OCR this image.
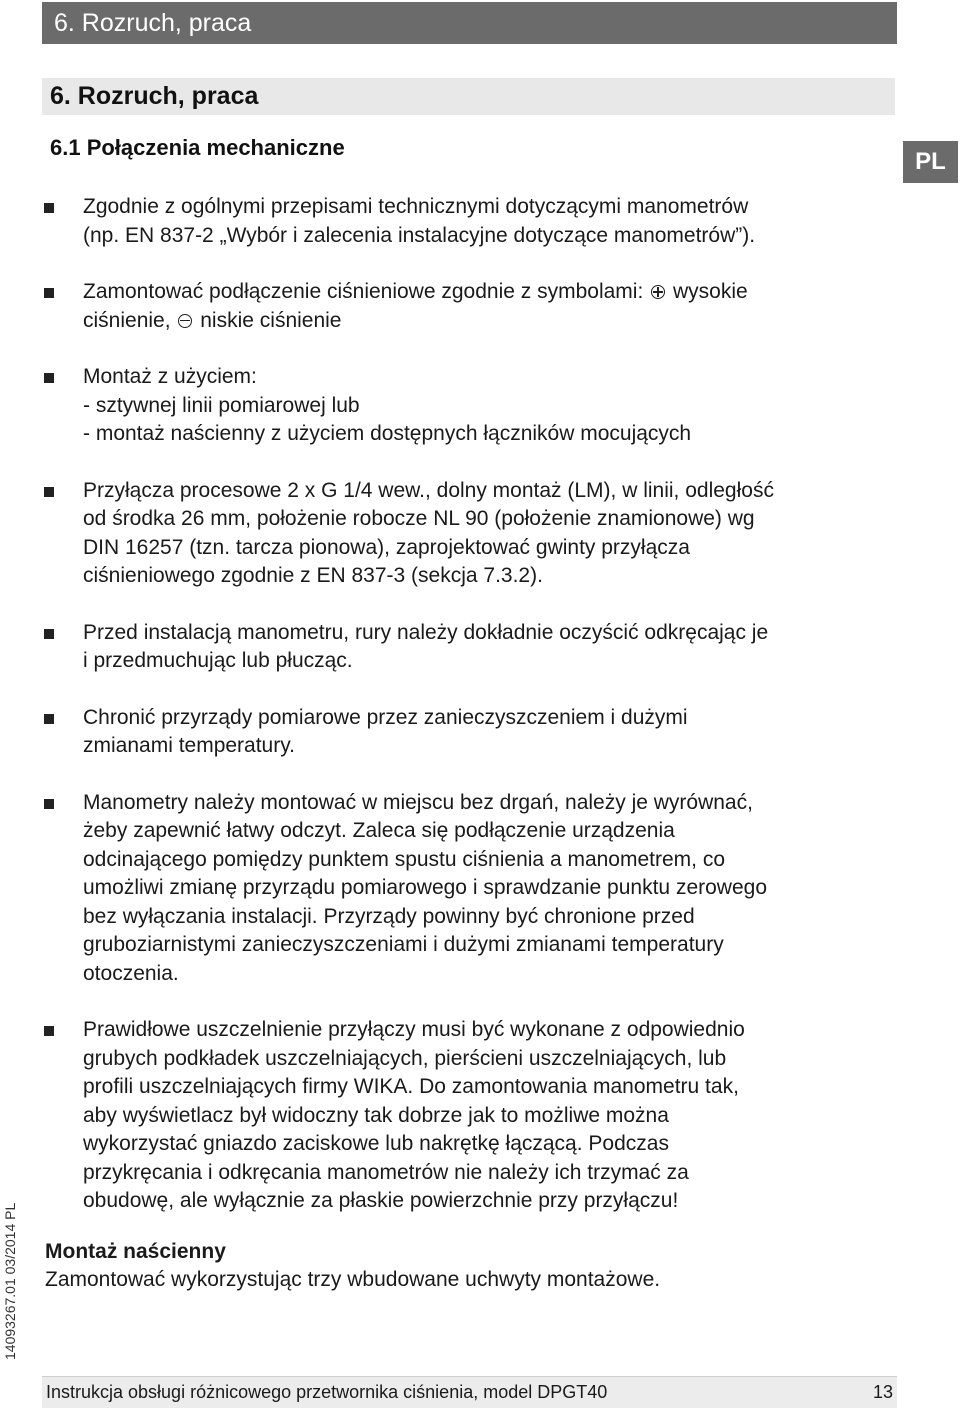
6. Rozruch, praca
6. Rozruch, praca
6.1 Połączenia mechaniczne
PL
Zgodnie z ogólnymi przepisami technicznymi dotyczącymi manometrów
(np. EN 837-2 „Wybór i zalecenia instalacyjne dotyczące manometrów”).
Zamontować podłączenie ciśnieniowe zgodnie z symbolami: wysokie
ciśnienie, niskie ciśnienie
Montaż z użyciem:
- sztywnej linii pomiarowej lub
- montaż naścienny z użyciem dostępnych łączników mocujących
Przyłącza procesowe 2 x G 1/4 wew., dolny montaż (LM), w linii, odległość
od środka 26 mm, położenie robocze NL 90 (położenie znamionowe) wg
DIN 16257 (tzn. tarcza pionowa), zaprojektować gwinty przyłącza
ciśnieniowego zgodnie z EN 837-3 (sekcja 7.3.2).
Przed instalacją manometru, rury należy dokładnie oczyścić odkręcając je
i przedmuchując lub płucząc.
Chronić przyrządy pomiarowe przez zanieczyszczeniem i dużymi
zmianami temperatury.
Manometry należy montować w miejscu bez drgań, należy je wyrównać,
żeby zapewnić łatwy odczyt. Zaleca się podłączenie urządzenia
odcinającego pomiędzy punktem spustu ciśnienia a manometrem, co
umożliwi zmianę przyrządu pomiarowego i sprawdzanie punktu zerowego
bez wyłączania instalacji. Przyrządy powinny być chronione przed
gruboziarnistymi zanieczyszczeniami i dużymi zmianami temperatury
otoczenia.
Prawidłowe uszczelnienie przyłączy musi być wykonane z odpowiednio
grubych podkładek uszczelniających, pierścieni uszczelniających, lub
profili uszczelniających firmy WIKA. Do zamontowania manometru tak,
aby wyświetlacz był widoczny tak dobrze jak to możliwe można
wykorzystać gniazdo zaciskowe lub nakrętkę łączącą. Podczas
przykręcania i odkręcania manometrów nie należy ich trzymać za
obudowę, ale wyłącznie za płaskie powierzchnie przy przyłączu!
Montaż naścienny
Zamontować wykorzystując trzy wbudowane uchwyty montażowe.
14093267.01 03/2014 PL
Instrukcja obsługi różnicowego przetwornika ciśnienia, model DPGT40	13
